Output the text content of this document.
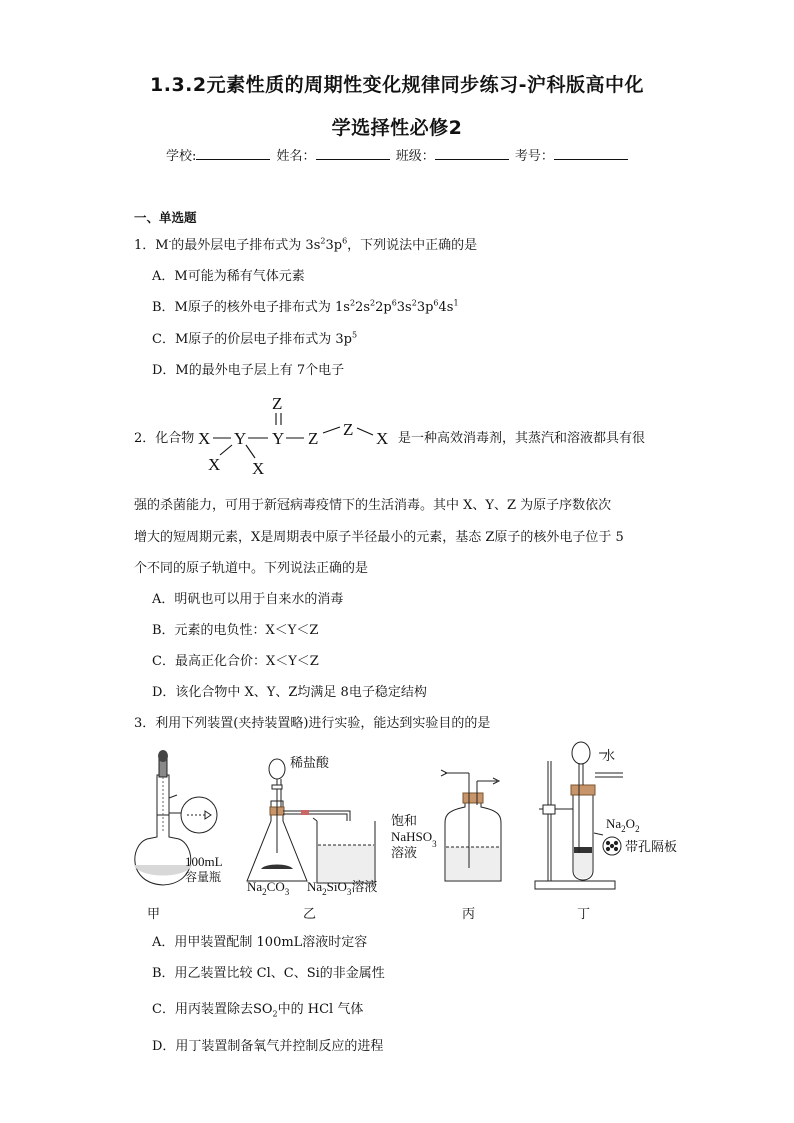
1.3.2元素性质的周期性变化规律同步练习-沪科版高中化
学选择性必修2
学校:	姓名：	班级：	考号：
一、单选题
1．M-的最外层电子排布式为 $3s^23p^6$，下列说法中正确的是
A．M可能为稀有气体元素
B．M原子的核外电子排布式为 $1s^22s^22p^63s^23p^64s^1$
C．M原子的价层电子排布式为 $3p^5$
D．M的最外电子层上有 7个电子
2．化合物 X Y Y
Z
Z Z X
X X
是一种高效消毒剂，其蒸汽和溶液都具有很
强的杀菌能力，可用于新冠病毒疫情下的生活消毒。其中 X、Y、Z 为原子序数依次
增大的短周期元素，X是周期表中原子半径最小的元素，基态 Z原子的核外电子位于 5
个不同的原子轨道中。下列说法正确的是
A．明矾也可以用于自来水的消毒
B．元素的电负性：X＜Y＜Z
C．最高正化合价：X＜Y＜Z
D．该化合物中 X、Y、Z均满足 8电子稳定结构
3．利用下列装置(夹持装置略)进行实验，能达到实验目的的是
100mL
容量瓶
稀盐酸
$Na_2CO_3$ $Na_2SiO_3$溶液
饱和
NaHSO$_3$
溶液
水
$Na_2O_2$
带孔隔板
甲	乙	丙	丁
A．用甲装置配制 100mL溶液时定容
B．用乙装置比较 Cl、C、Si的非金属性
C．用丙装置除去$SO_2$中的 HCl 气体
D．用丁装置制备氧气并控制反应的进程
